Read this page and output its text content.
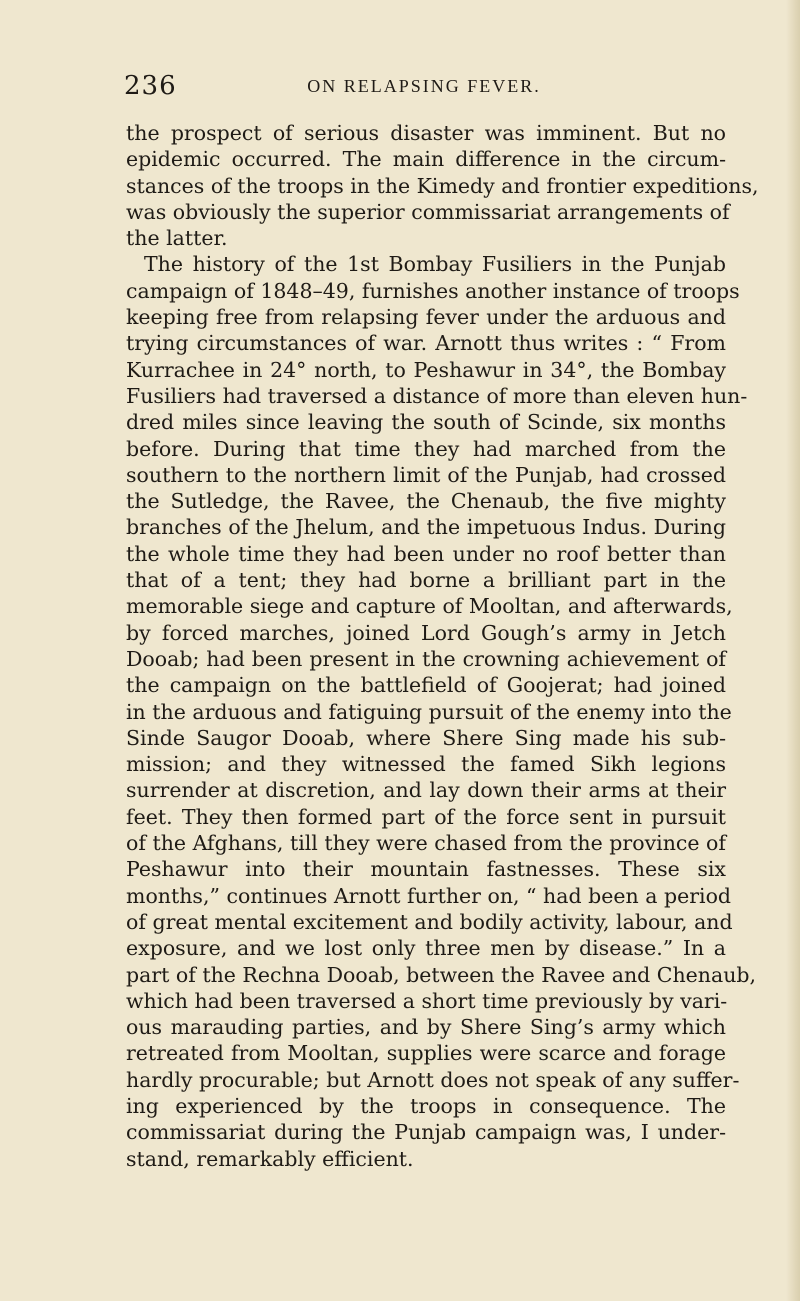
236	ON RELAPSING FEVER.
the prospect of serious disaster was imminent. But no
epidemic occurred. The main difference in the circum-
stances of the troops in the Kimedy and frontier expeditions,
was obviously the superior commissariat arrangements of
the latter.
The history of the 1st Bombay Fusiliers in the Punjab
campaign of 1848–49, furnishes another instance of troops
keeping free from relapsing fever under the arduous and
trying circumstances of war. Arnott thus writes : “ From
Kurrachee in 24° north, to Peshawur in 34°, the Bombay
Fusiliers had traversed a distance of more than eleven hun-
dred miles since leaving the south of Scinde, six months
before. During that time they had marched from the
southern to the northern limit of the Punjab, had crossed
the Sutledge, the Ravee, the Chenaub, the five mighty
branches of the Jhelum, and the impetuous Indus. During
the whole time they had been under no roof better than
that of a tent; they had borne a brilliant part in the
memorable siege and capture of Mooltan, and afterwards,
by forced marches, joined Lord Gough’s army in Jetch
Dooab; had been present in the crowning achievement of
the campaign on the battlefield of Goojerat; had joined
in the arduous and fatiguing pursuit of the enemy into the
Sinde Saugor Dooab, where Shere Sing made his sub-
mission; and they witnessed the famed Sikh legions
surrender at discretion, and lay down their arms at their
feet. They then formed part of the force sent in pursuit
of the Afghans, till they were chased from the province of
Peshawur into their mountain fastnesses. These six
months,” continues Arnott further on, “ had been a period
of great mental excitement and bodily activity, labour, and
exposure, and we lost only three men by disease.” In a
part of the Rechna Dooab, between the Ravee and Chenaub,
which had been traversed a short time previously by vari-
ous marauding parties, and by Shere Sing’s army which
retreated from Mooltan, supplies were scarce and forage
hardly procurable; but Arnott does not speak of any suffer-
ing experienced by the troops in consequence. The
commissariat during the Punjab campaign was, I under-
stand, remarkably efficient.
